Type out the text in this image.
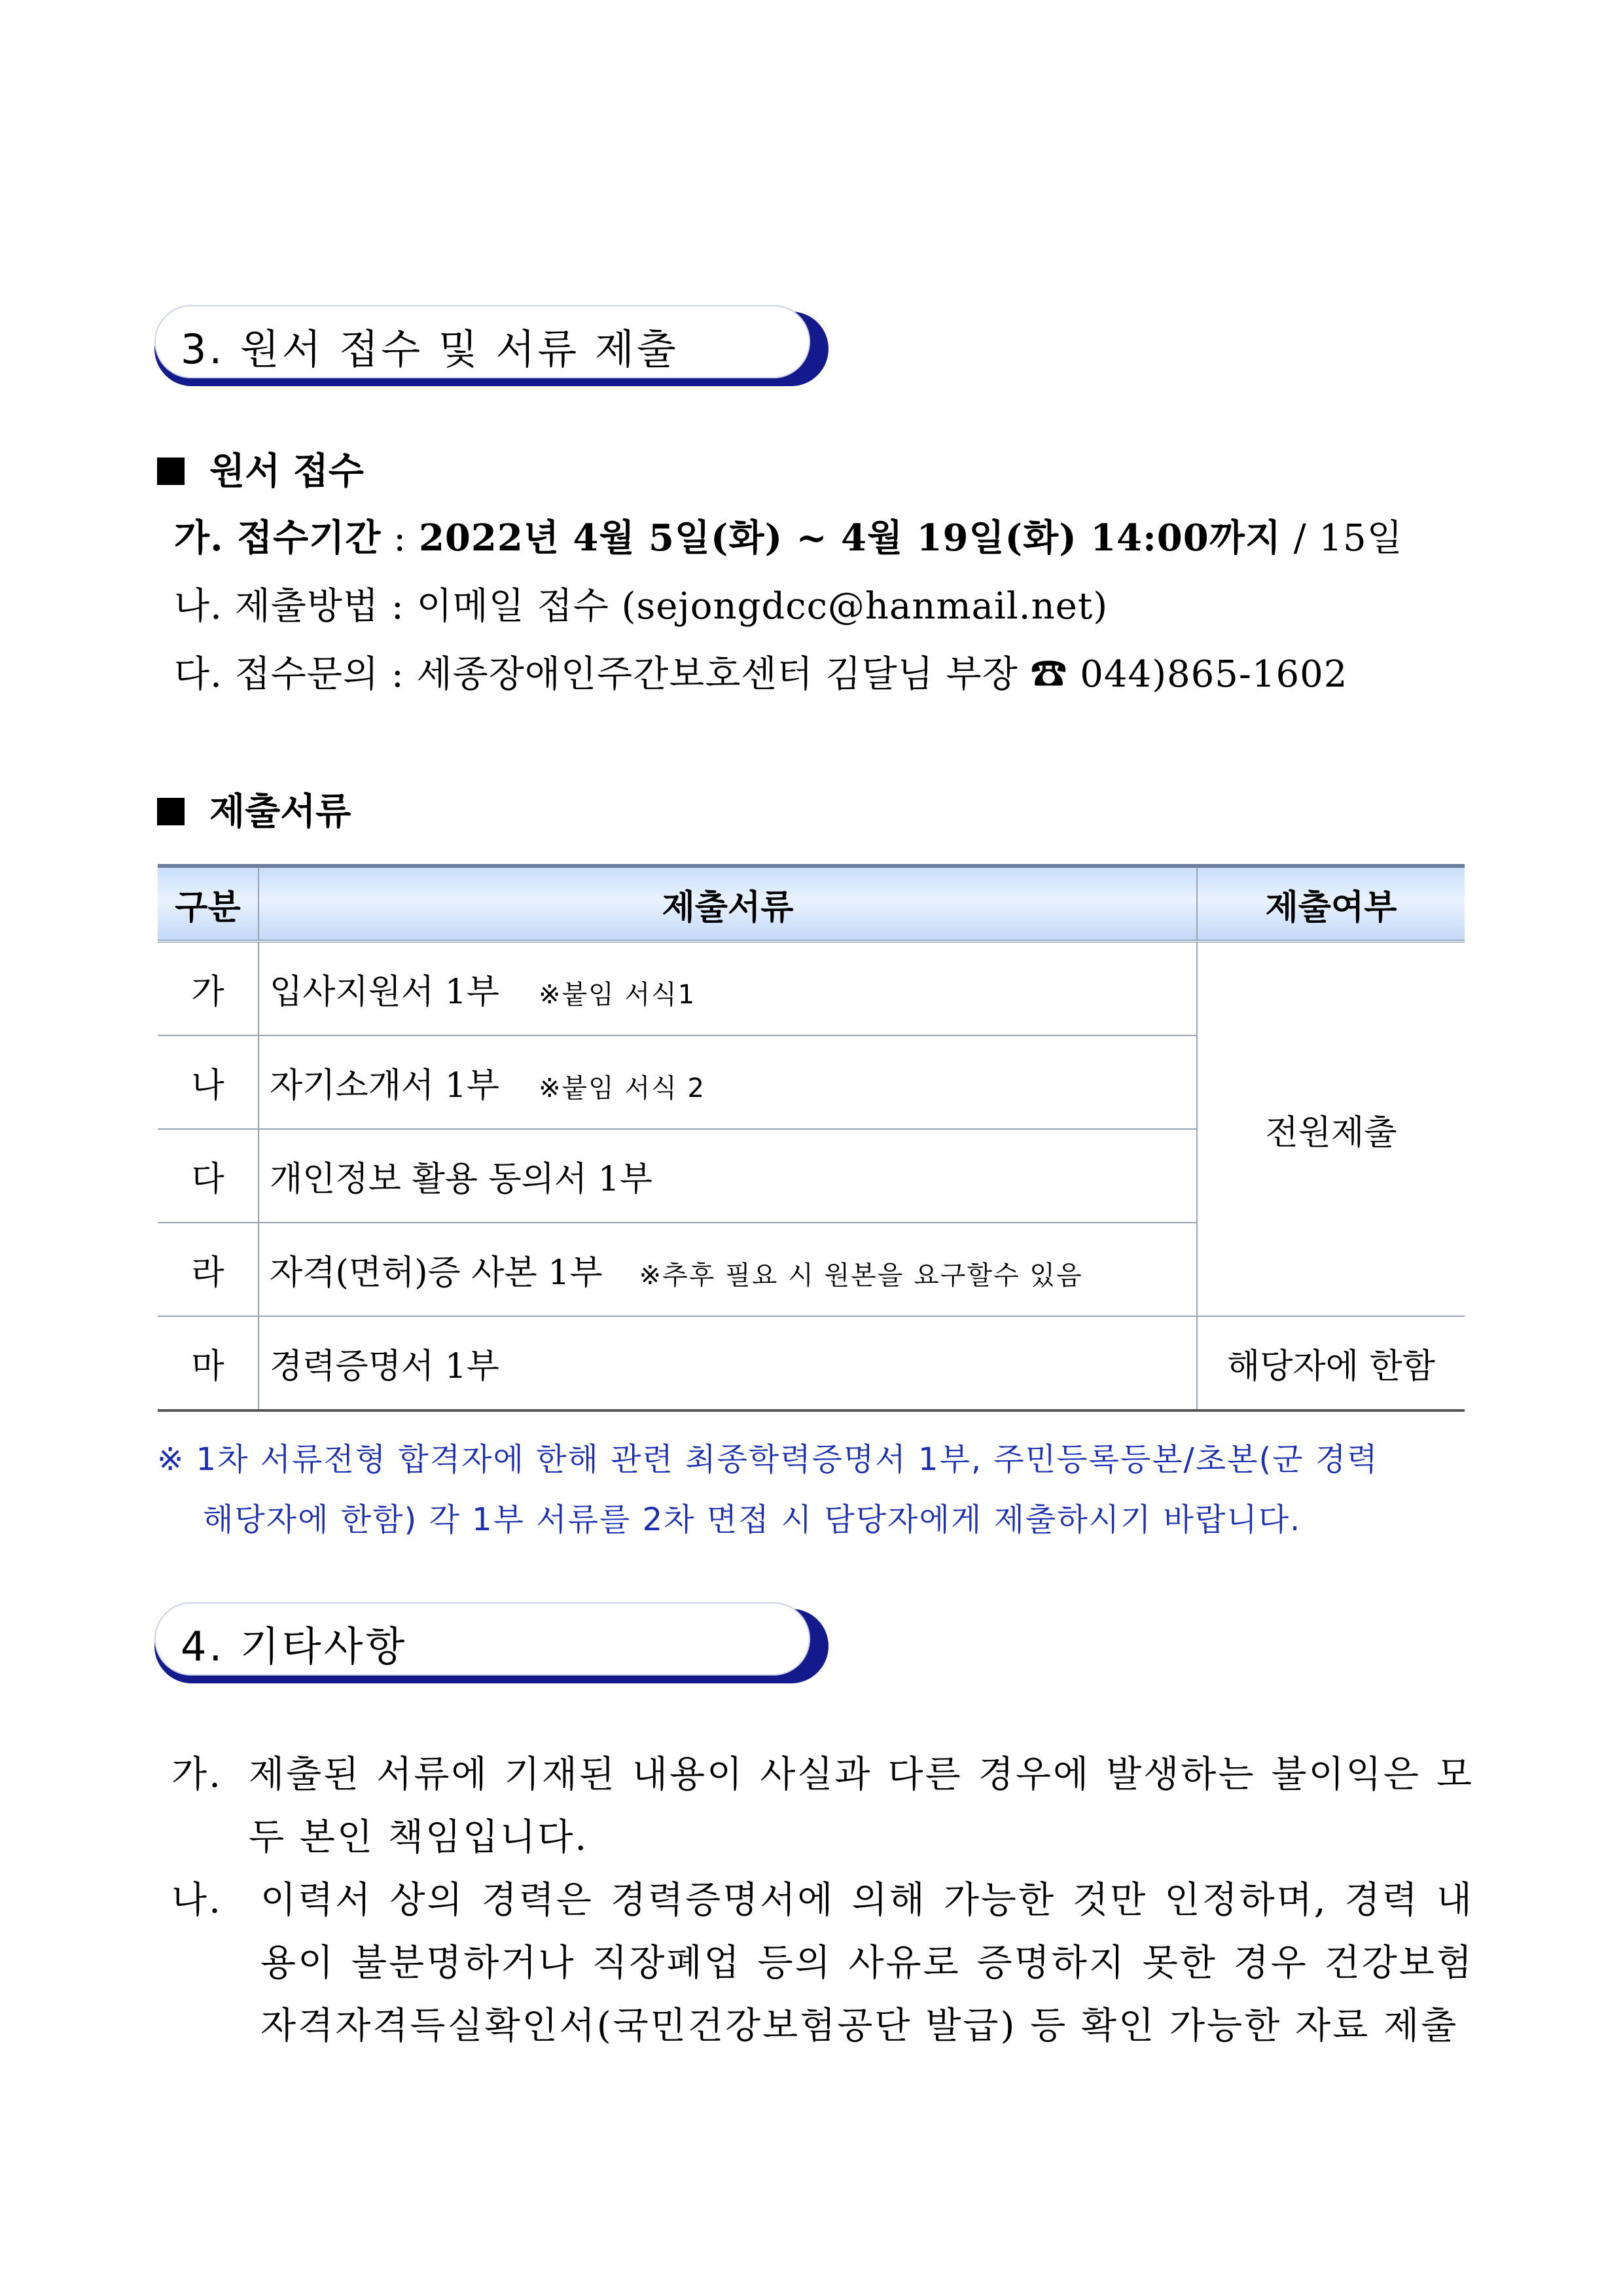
3. 원서 접수 및 서류 제출
원서 접수
가. 접수기간 : 2022년 4월 5일(화) ~ 4월 19일(화) 14:00까지 / 15일
나. 제출방법 : 이메일 접수 (sejongdcc@hanmail.net)
다. 접수문의 : 세종장애인주간보호센터 김달님 부장 ☎ 044)865-1602
제출서류
구분	제출서류	제출여부
가	입사지원서 1부 ※붙임 서식1	전원제출
나	자기소개서 1부 ※붙임 서식 2	
다	개인정보 활용 동의서 1부	
라	자격(면허)증 사본 1부 ※추후 필요 시 원본을 요구할수 있음	
마	경력증명서 1부	해당자에 한함
※ 1차 서류전형 합격자에 한해 관련 최종학력증명서 1부, 주민등록등본/초본(군 경력
해당자에 한함) 각 1부 서류를 2차 면접 시 담당자에게 제출하시기 바랍니다.
4. 기타사항
가. 제출된 서류에 기재된 내용이 사실과 다른 경우에 발생하는 불이익은 모두 본인 책임입니다.
나. 이력서 상의 경력은 경력증명서에 의해 가능한 것만 인정하며, 경력 내용이 불분명하거나 직장폐업 등의 사유로 증명하지 못한 경우 건강보험자격자격득실확인서(국민건강보험공단 발급) 등 확인 가능한 자료 제출
